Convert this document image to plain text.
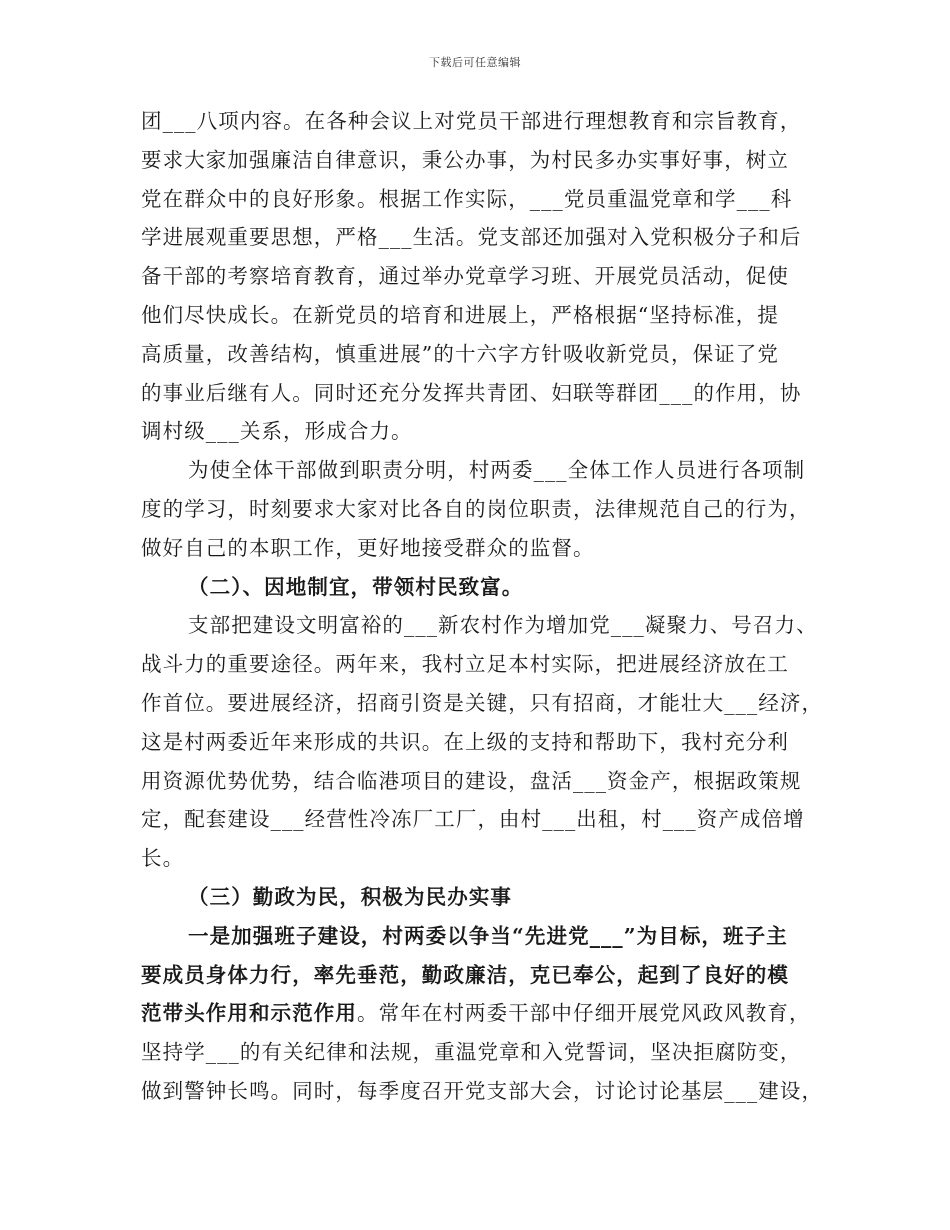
下载后可任意编辑
团___八项内容。在各种会议上对党员干部进行理想教育和宗旨教育，
要求大家加强廉洁自律意识，秉公办事，为村民多办实事好事，树立
党在群众中的良好形象。根据工作实际，___党员重温党章和学___科
学进展观重要思想，严格___生活。党支部还加强对入党积极分子和后
备干部的考察培育教育，通过举办党章学习班、开展党员活动，促使
他们尽快成长。在新党员的培育和进展上，严格根据“坚持标准，提
高质量，改善结构，慎重进展”的十六字方针吸收新党员，保证了党
的事业后继有人。同时还充分发挥共青团、妇联等群团___的作用，协
调村级___关系，形成合力。
为使全体干部做到职责分明，村两委___全体工作人员进行各项制
度的学习，时刻要求大家对比各自的岗位职责，法律规范自己的行为，
做好自己的本职工作，更好地接受群众的监督。
（二）、因地制宜，带领村民致富。
支部把建设文明富裕的___新农村作为增加党___凝聚力、号召力、
战斗力的重要途径。两年来，我村立足本村实际，把进展经济放在工
作首位。要进展经济，招商引资是关键，只有招商，才能壮大___经济，
这是村两委近年来形成的共识。在上级的支持和帮助下，我村充分利
用资源优势优势，结合临港项目的建设，盘活___资金产，根据政策规
定，配套建设___经营性冷冻厂工厂，由村___出租，村___资产成倍增
长。
（三）勤政为民，积极为民办实事
一是加强班子建设，村两委以争当“先进党___”为目标，班子主
要成员身体力行，率先垂范，勤政廉洁，克已奉公，起到了良好的模
范带头作用和示范作用。常年在村两委干部中仔细开展党风政风教育，
坚持学___的有关纪律和法规，重温党章和入党誓词，坚决拒腐防变，
做到警钟长鸣。同时，每季度召开党支部大会，讨论讨论基层___建设，
